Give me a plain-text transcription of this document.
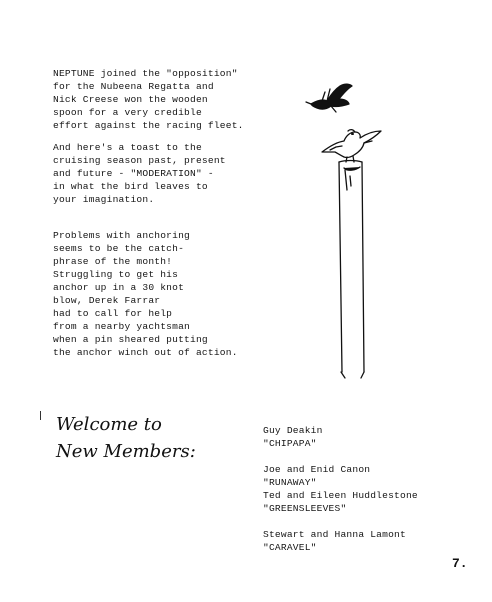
NEPTUNE joined the "opposition"
for the Nubeena Regatta and
Nick Creese won the wooden
spoon for a very credible
effort against the racing fleet.
And here's a toast to the
cruising season past, present
and future - "MODERATION" -
in what the bird leaves to
your imagination.
Problems with anchoring
seems to be the catch-
phrase of the month!
Struggling to get his
anchor up in a 30 knot
blow, Derek Farrar
had to call for help
from a nearby yachtsman
when a pin sheared putting
the anchor winch out of action.
Welcome to
New Members:
Guy Deakin
"CHIPAPA"
Joe and Enid Canon
"RUNAWAY"
Ted and Eileen Huddlestone
"GREENSLEEVES"
Stewart and Hanna Lamont
"CARAVEL"
7.
